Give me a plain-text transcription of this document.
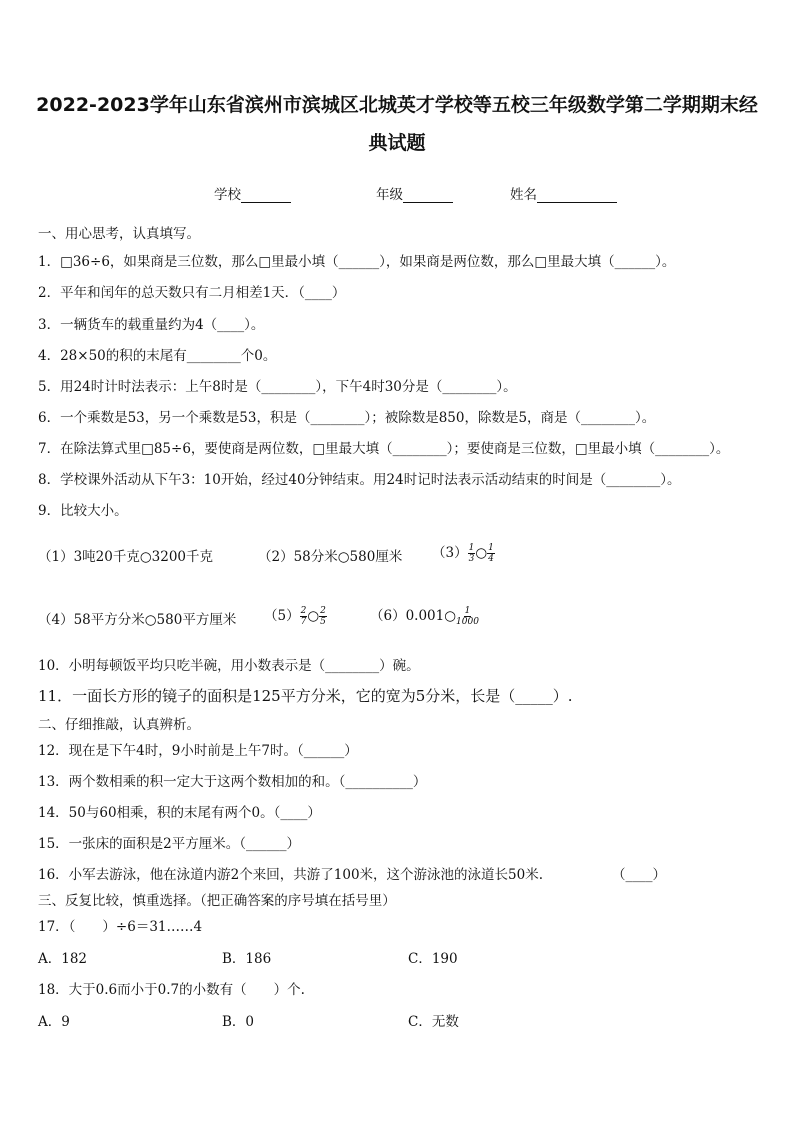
2022-2023学年山东省滨州市滨城区北城英才学校等五校三年级数学第二学期期末经
典试题
学校	年级	姓名
一、用心思考，认真填写。
1．□36÷6，如果商是三位数，那么□里最小填（______），如果商是两位数，那么□里最大填（______）。
2．平年和闰年的总天数只有二月相差1天．（____）
3．一辆货车的载重量约为4（____）。
4．28×50的积的末尾有________个0。
5．用24时计时法表示：上午8时是（________），下午4时30分是（________）。
6．一个乘数是53，另一个乘数是53，积是（________）；被除数是850，除数是5，商是（________）。
7．在除法算式里□85÷6，要使商是两位数，□里最大填（________）；要使商是三位数，□里最小填（________）。
8．学校课外活动从下午3：10开始，经过40分钟结束。用24时记时法表示活动结束的时间是（________）。
9．比较大小。
（1）3吨20千克○3200千克	（2）58分米○580厘米 $(3) \frac{1}{3}$ ○ $\frac{1}{4}$
（4）58平方分米○580平方厘米 $(5) \frac{2}{7}$ ○ $\frac{2}{5}$	（6）0.001○ $\frac{1}{1000}$
10．小明每顿饭平均只吃半碗，用小数表示是（________）碗。
11．一面长方形的镜子的面积是125平方分米，它的宽为5分米，长是（_____）.
二、仔细推敲，认真辨析。
12．现在是下午4时，9小时前是上午7时。（______）
13．两个数相乘的积一定大于这两个数相加的和。（__________）
14．50与60相乘，积的末尾有两个0。（____）
15．一张床的面积是2平方厘米。（______）
16．小军去游泳，他在泳道内游2个来回，共游了100米，这个游泳池的泳道长50米.	（____）
三、反复比较，慎重选择。（把正确答案的序号填在括号里）
17．（　　）÷6＝31……4
A．182	B．186	C．190
18．大于0.6而小于0.7的小数有（　　）个.
A．9	B．0	C．无数
